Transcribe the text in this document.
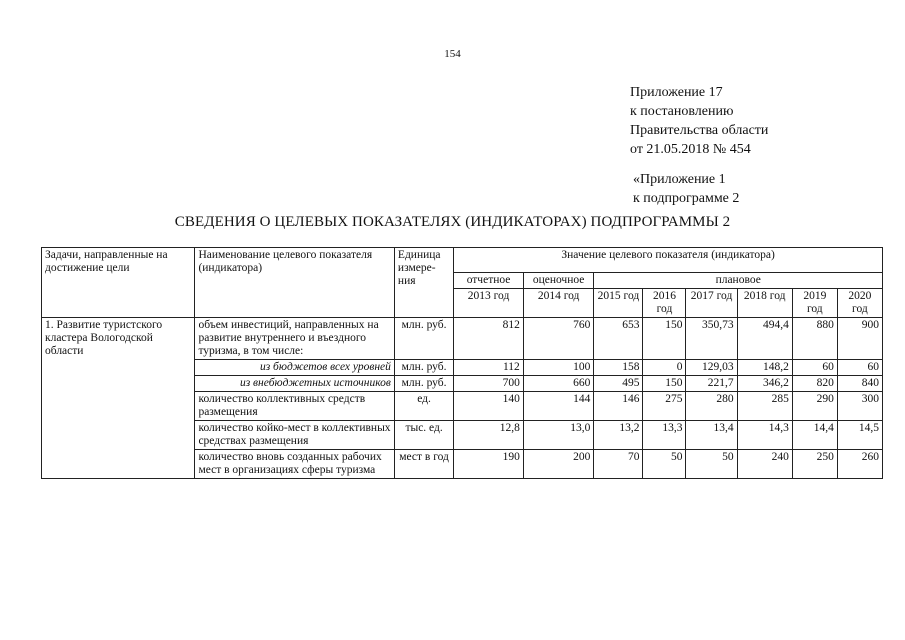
154
Приложение 17
к постановлению
Правительства области
от 21.05.2018 № 454
«Приложение 1
к подпрограмме 2
СВЕДЕНИЯ О ЦЕЛЕВЫХ ПОКАЗАТЕЛЯХ (ИНДИКАТОРАХ) ПОДПРОГРАММЫ 2
Задачи, направленные на достижение цели	Наименование целевого показателя (индикатора)	Единица измере-ния	Значение целевого показателя (индикатора)							
			отчетное	оценочное	плановое					
			2013 год	2014 год	2015 год	2016 год	2017 год	2018 год	2019 год	2020 год

1. Развитие туристского кластера Вологодской области	объем инвестиций, направленных на развитие внутреннего и въездного туризма, в том числе:	млн. руб.	812	760	653	150	350,73	494,4	880	900
	из бюджетов всех уровней	млн. руб.	112	100	158	0	129,03	148,2	60	60
	из внебюджетных источников	млн. руб.	700	660	495	150	221,7	346,2	820	840
	количество коллективных средств размещения	ед.	140	144	146	275	280	285	290	300
	количество койко-мест в коллективных средствах размещения	тыс. ед.	12,8	13,0	13,2	13,3	13,4	14,3	14,4	14,5
	количество вновь созданных рабочих мест в организациях сферы туризма	мест в год	190	200	70	50	50	240	250	260
